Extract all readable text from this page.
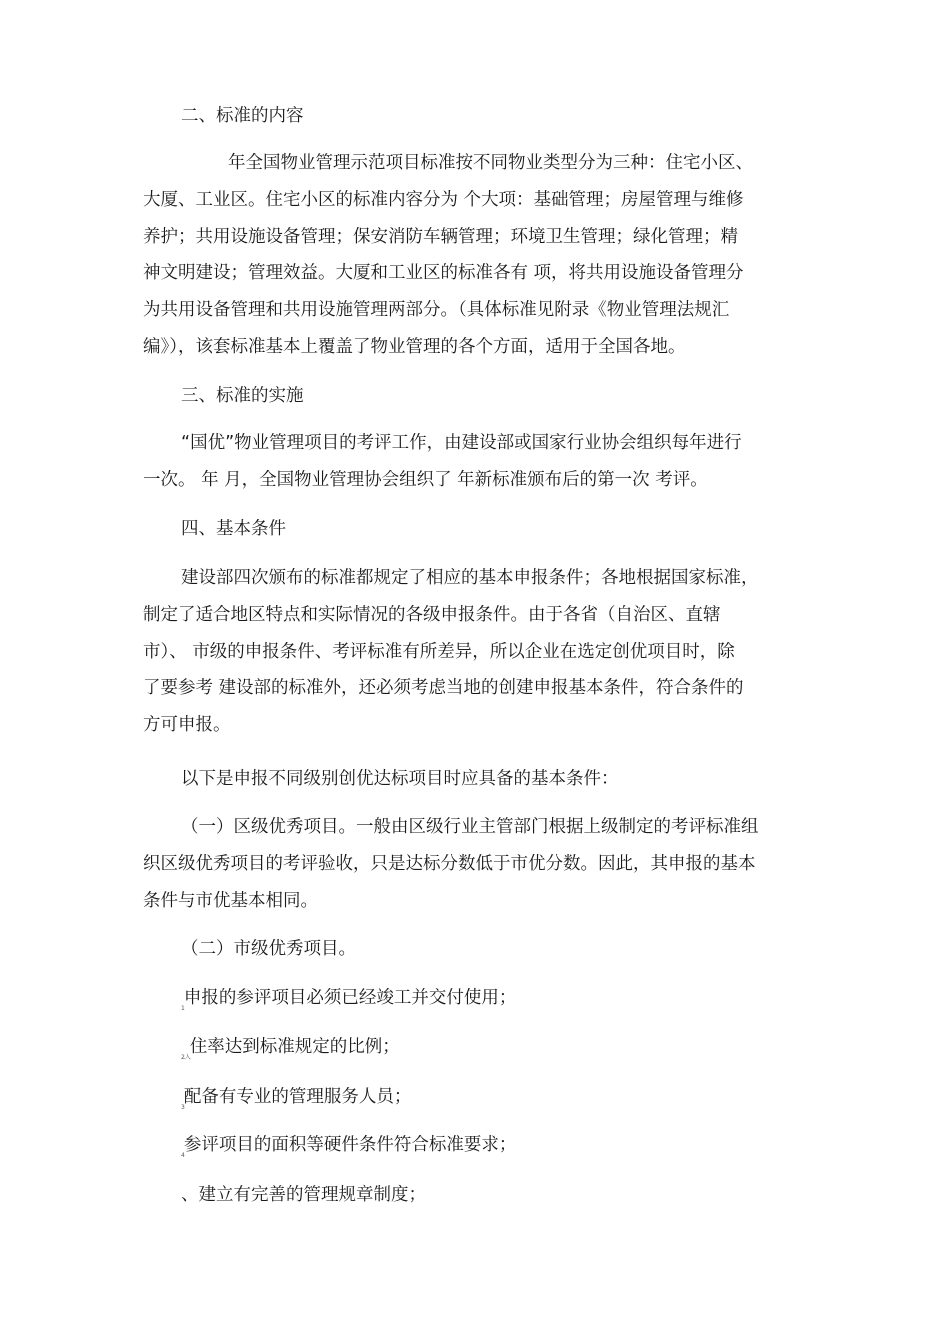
二、标准的内容

年全国物业管理示范项目标准按不同物业类型分为三种：住宅小区、
大厦、工业区。住宅小区的标准内容分为 个大项：基础管理；房屋管理与维修
养护；共用设施设备管理；保安消防车辆管理；环境卫生管理；绿化管理；精
神文明建设；管理效益。大厦和工业区的标准各有 项，将共用设施设备管理分
为共用设备管理和共用设施管理两部分。（具体标准见附录《物业管理法规汇
编》），该套标准基本上覆盖了物业管理的各个方面，适用于全国各地。

三、标准的实施

“国优”物业管理项目的考评工作，由建设部或国家行业协会组织每年进行
一次。 年 月，全国物业管理协会组织了 年新标准颁布后的第一次 考评。

四、基本条件

建设部四次颁布的标准都规定了相应的基本申报条件；各地根据国家标准，
制定了适合地区特点和实际情况的各级申报条件。由于各省（自治区、直辖
市）、 市级的申报条件、考评标准有所差异，所以企业在选定创优项目时，除
了要参考 建设部的标准外，还必须考虑当地的创建申报基本条件，符合条件的
方可申报。

以下是申报不同级别创优达标项目时应具备的基本条件：

（一）区级优秀项目。一般由区级行业主管部门根据上级制定的考评标准组
织区级优秀项目的考评验收，只是达标分数低于市优分数。因此，其申报的基本
条件与市优基本相同。

（二）市级优秀项目。

$_1$申报的参评项目必须已经竣工并交付使用；

$_{2.入}$住率达到标准规定的比例；

$_3$配备有专业的管理服务人员；

$_4$参评项目的面积等硬件条件符合标准要求；

、建立有完善的管理规章制度；
